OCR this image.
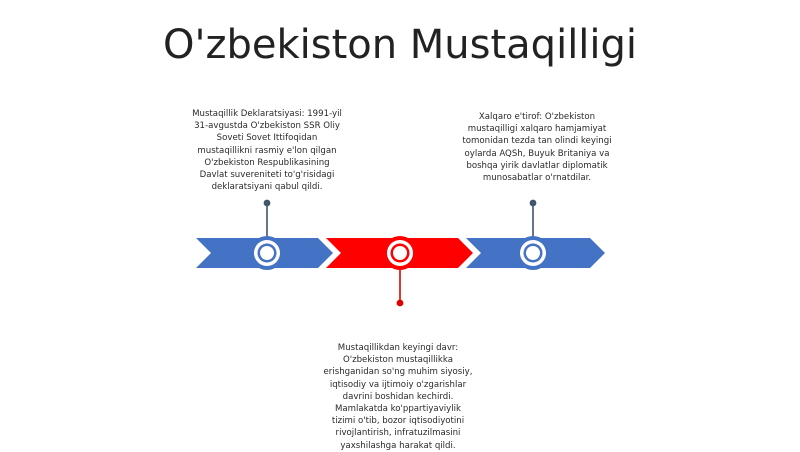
O'zbekiston Mustaqilligi
Mustaqillik Deklaratsiyasi: 1991-yil 31-avgustda O'zbekiston SSR Oliy Soveti Sovet Ittifoqidan mustaqillikni rasmiy e'lon qilgan O'zbekiston Respublikasining Davlat suvereniteti to'g'risidagi deklaratsiyani qabul qildi.
Xalqaro e'tirof: O'zbekiston mustaqilligi xalqaro hamjamiyat tomonidan tezda tan olindi keyingi oylarda AQSh, Buyuk Britaniya va boshqa yirik davlatlar diplomatik munosabatlar o'rnatdilar.
Mustaqillikdan keyingi davr: O'zbekiston mustaqillikka erishganidan so'ng muhim siyosiy, iqtisodiy va ijtimoiy o'zgarishlar davrini boshidan kechirdi. Mamlakatda ko'ppartiyaviylik tizimi o'tib, bozor iqtisodiyotini rivojlantirish, infratuzilmasini yaxshilashga harakat qildi.
